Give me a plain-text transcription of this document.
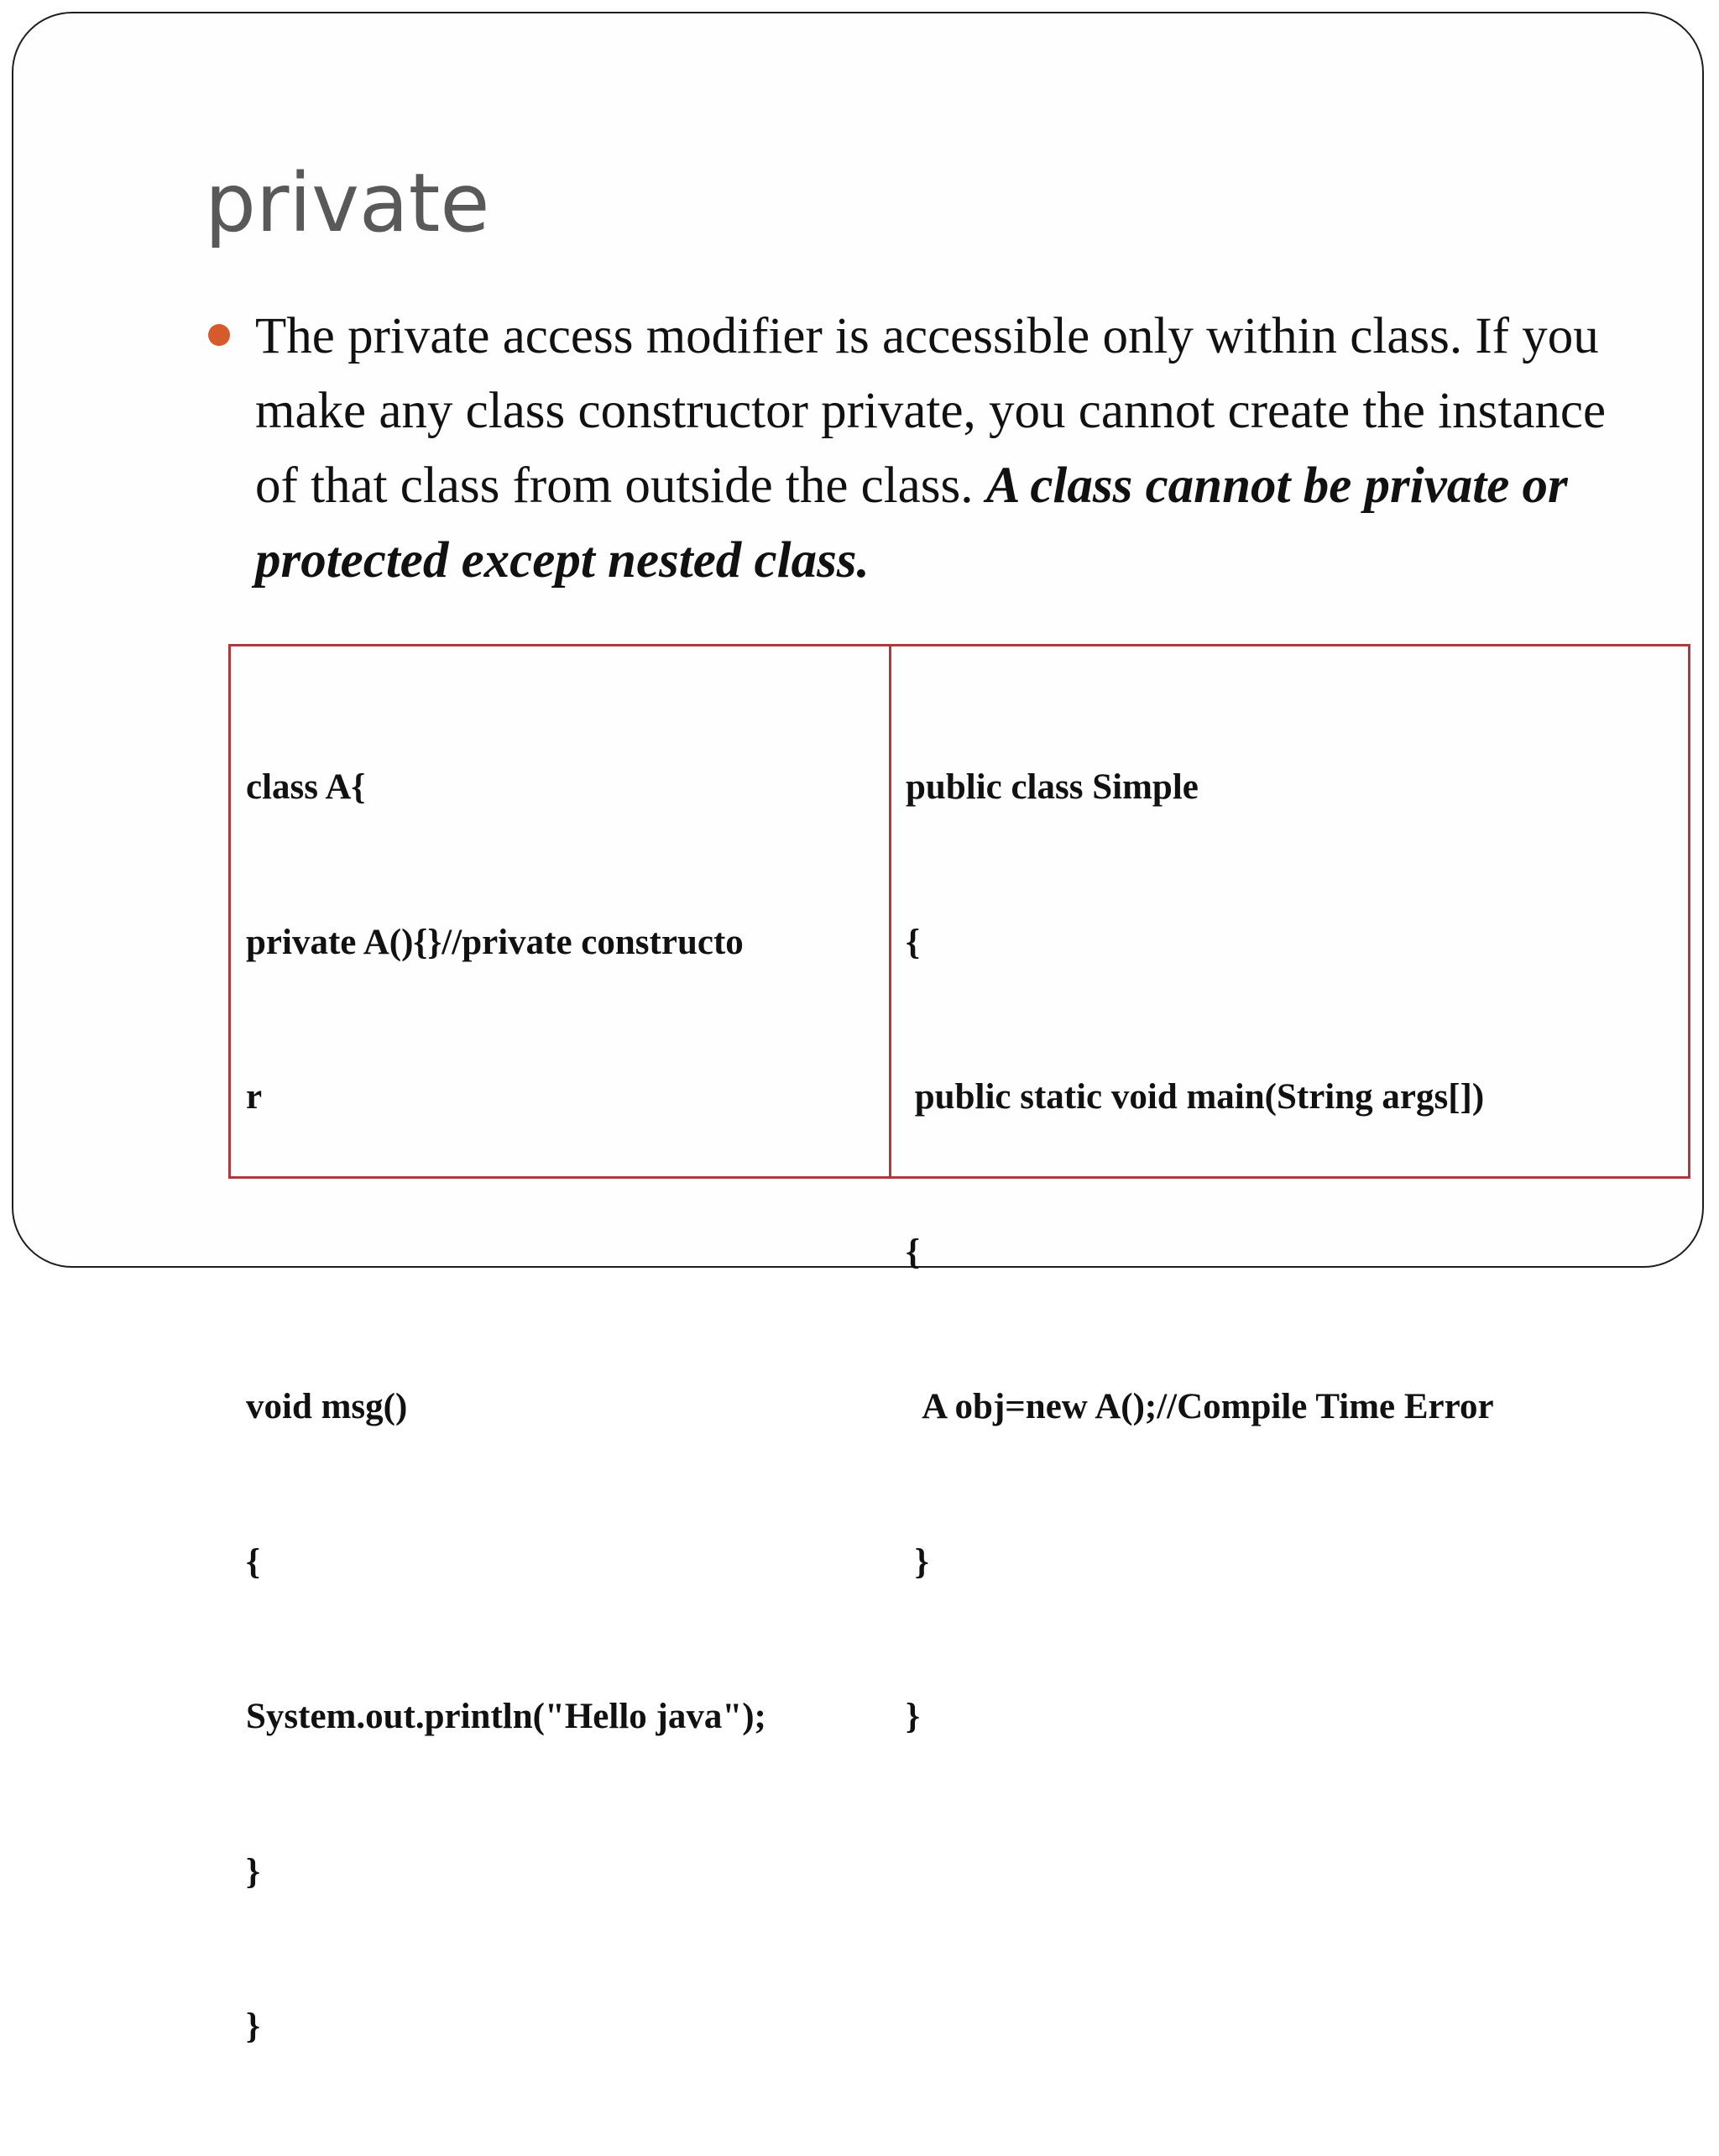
private

The private access modifier is accessible only within class. If you make any class constructor private, you cannot create the instance of that class from outside the class. A class cannot be private or protected except nested class.

class A{

private A(){}//private constructo

r

void msg()

{

System.out.println("Hello java");

}

}

public class Simple

{

public static void main(String args[])

{

A obj=new A();//Compile Time Error

}

}
